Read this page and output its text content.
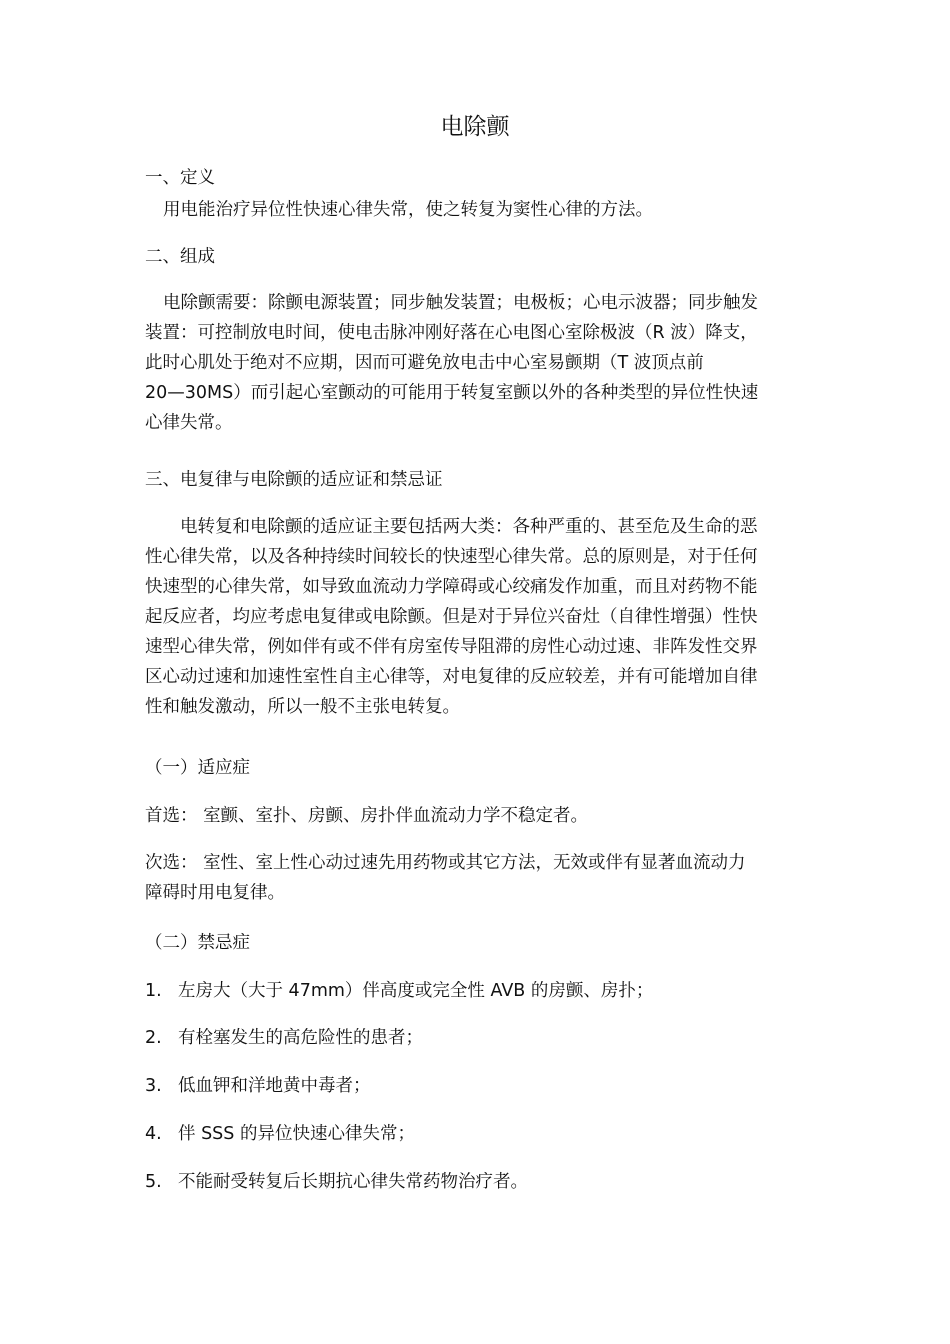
电除颤

一、定义

用电能治疗异位性快速心律失常，使之转复为窦性心律的方法。

二、组成

电除颤需要：除颤电源装置；同步触发装置；电极板；心电示波器；同步触发
装置：可控制放电时间，使电击脉冲刚好落在心电图心室除极波（R 波）降支，
此时心肌处于绝对不应期，因而可避免放电击中心室易颤期（T 波顶点前
20—30MS）而引起心室颤动的可能用于转复室颤以外的各种类型的异位性快速
心律失常。

三、电复律与电除颤的适应证和禁忌证

电转复和电除颤的适应证主要包括两大类：各种严重的、甚至危及生命的恶
性心律失常，以及各种持续时间较长的快速型心律失常。总的原则是，对于任何
快速型的心律失常，如导致血流动力学障碍或心绞痛发作加重，而且对药物不能
起反应者，均应考虑电复律或电除颤。但是对于异位兴奋灶（自律性增强）性快
速型心律失常，例如伴有或不伴有房室传导阻滞的房性心动过速、非阵发性交界
区心动过速和加速性室性自主心律等，对电复律的反应较差，并有可能增加自律
性和触发激动，所以一般不主张电转复。

（一）适应症

首选： 室颤、室扑、房颤、房扑伴血流动力学不稳定者。

次选： 室性、室上性心动过速先用药物或其它方法，无效或伴有显著血流动力
障碍时用电复律。

（二）禁忌症

1. 左房大（大于 47mm）伴高度或完全性 AVB 的房颤、房扑；

2. 有栓塞发生的高危险性的患者；

3. 低血钾和洋地黄中毒者；

4. 伴 SSS 的异位快速心律失常；

5. 不能耐受转复后长期抗心律失常药物治疗者。
